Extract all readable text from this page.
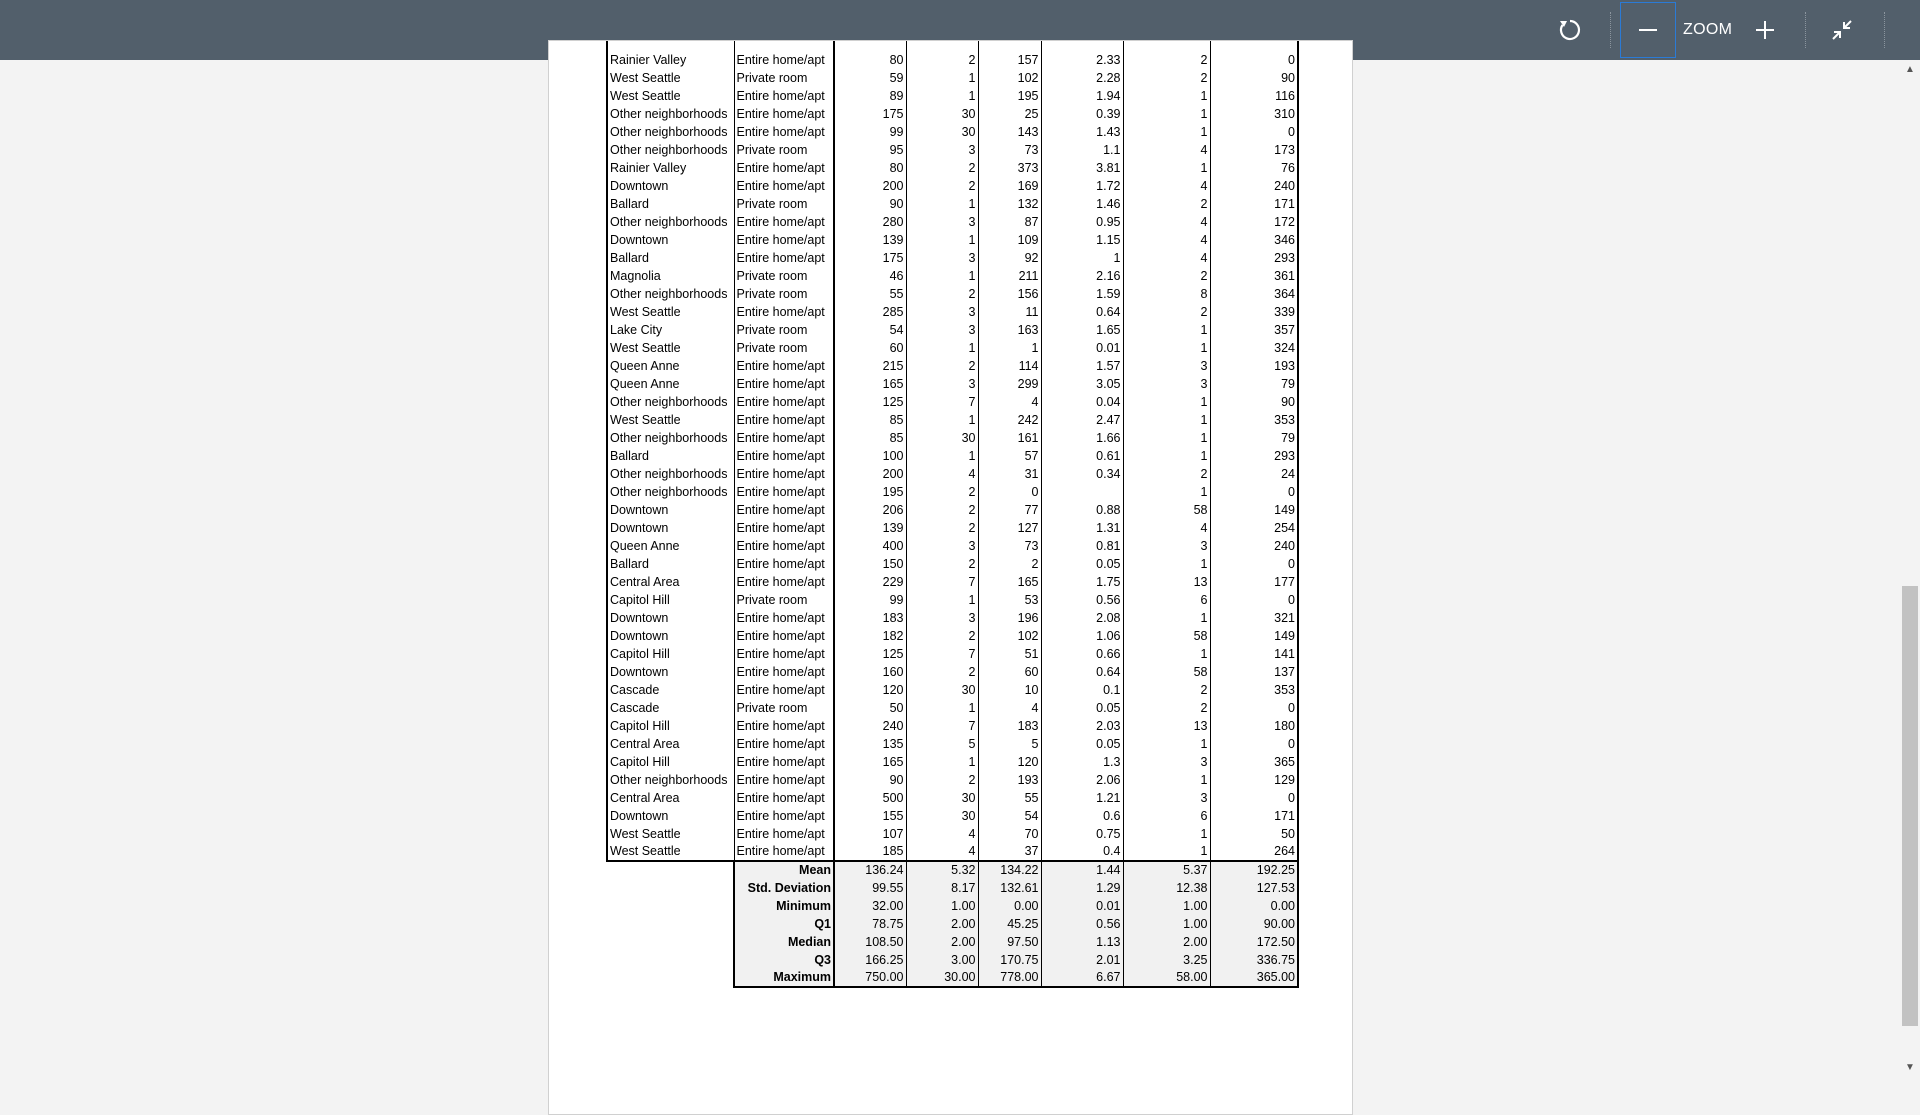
ZOOM

Rainier Valley	Entire home/apt	80	2	157	2.33	2	0
West Seattle	Private room	59	1	102	2.28	2	90
West Seattle	Entire home/apt	89	1	195	1.94	1	116
Other neighborhoods	Entire home/apt	175	30	25	0.39	1	310
Other neighborhoods	Entire home/apt	99	30	143	1.43	1	0
Other neighborhoods	Private room	95	3	73	1.1	4	173
Rainier Valley	Entire home/apt	80	2	373	3.81	1	76
Downtown	Entire home/apt	200	2	169	1.72	4	240
Ballard	Private room	90	1	132	1.46	2	171
Other neighborhoods	Entire home/apt	280	3	87	0.95	4	172
Downtown	Entire home/apt	139	1	109	1.15	4	346
Ballard	Entire home/apt	175	3	92	1	4	293
Magnolia	Private room	46	1	211	2.16	2	361
Other neighborhoods	Private room	55	2	156	1.59	8	364
West Seattle	Entire home/apt	285	3	11	0.64	2	339
Lake City	Private room	54	3	163	1.65	1	357
West Seattle	Private room	60	1	1	0.01	1	324
Queen Anne	Entire home/apt	215	2	114	1.57	3	193
Queen Anne	Entire home/apt	165	3	299	3.05	3	79
Other neighborhoods	Entire home/apt	125	7	4	0.04	1	90
West Seattle	Entire home/apt	85	1	242	2.47	1	353
Other neighborhoods	Entire home/apt	85	30	161	1.66	1	79
Ballard	Entire home/apt	100	1	57	0.61	1	293
Other neighborhoods	Entire home/apt	200	4	31	0.34	2	24
Other neighborhoods	Entire home/apt	195	2	0		1	0
Downtown	Entire home/apt	206	2	77	0.88	58	149
Downtown	Entire home/apt	139	2	127	1.31	4	254
Queen Anne	Entire home/apt	400	3	73	0.81	3	240
Ballard	Entire home/apt	150	2	2	0.05	1	0
Central Area	Entire home/apt	229	7	165	1.75	13	177
Capitol Hill	Private room	99	1	53	0.56	6	0
Downtown	Entire home/apt	183	3	196	2.08	1	321
Downtown	Entire home/apt	182	2	102	1.06	58	149
Capitol Hill	Entire home/apt	125	7	51	0.66	1	141
Downtown	Entire home/apt	160	2	60	0.64	58	137
Cascade	Entire home/apt	120	30	10	0.1	2	353
Cascade	Private room	50	1	4	0.05	2	0
Capitol Hill	Entire home/apt	240	7	183	2.03	13	180
Central Area	Entire home/apt	135	5	5	0.05	1	0
Capitol Hill	Entire home/apt	165	1	120	1.3	3	365
Other neighborhoods	Entire home/apt	90	2	193	2.06	1	129
Central Area	Entire home/apt	500	30	55	1.21	3	0
Downtown	Entire home/apt	155	30	54	0.6	6	171
West Seattle	Entire home/apt	107	4	70	0.75	1	50
West Seattle	Entire home/apt	185	4	37	0.4	1	264
	Mean	136.24	5.32	134.22	1.44	5.37	192.25
	Std. Deviation	99.55	8.17	132.61	1.29	12.38	127.53
	Minimum	32.00	1.00	0.00	0.01	1.00	0.00
	Q1	78.75	2.00	45.25	0.56	1.00	90.00
	Median	108.50	2.00	97.50	1.13	2.00	172.50
	Q3	166.25	3.00	170.75	2.01	3.25	336.75
	Maximum	750.00	30.00	778.00	6.67	58.00	365.00
▲
▼
